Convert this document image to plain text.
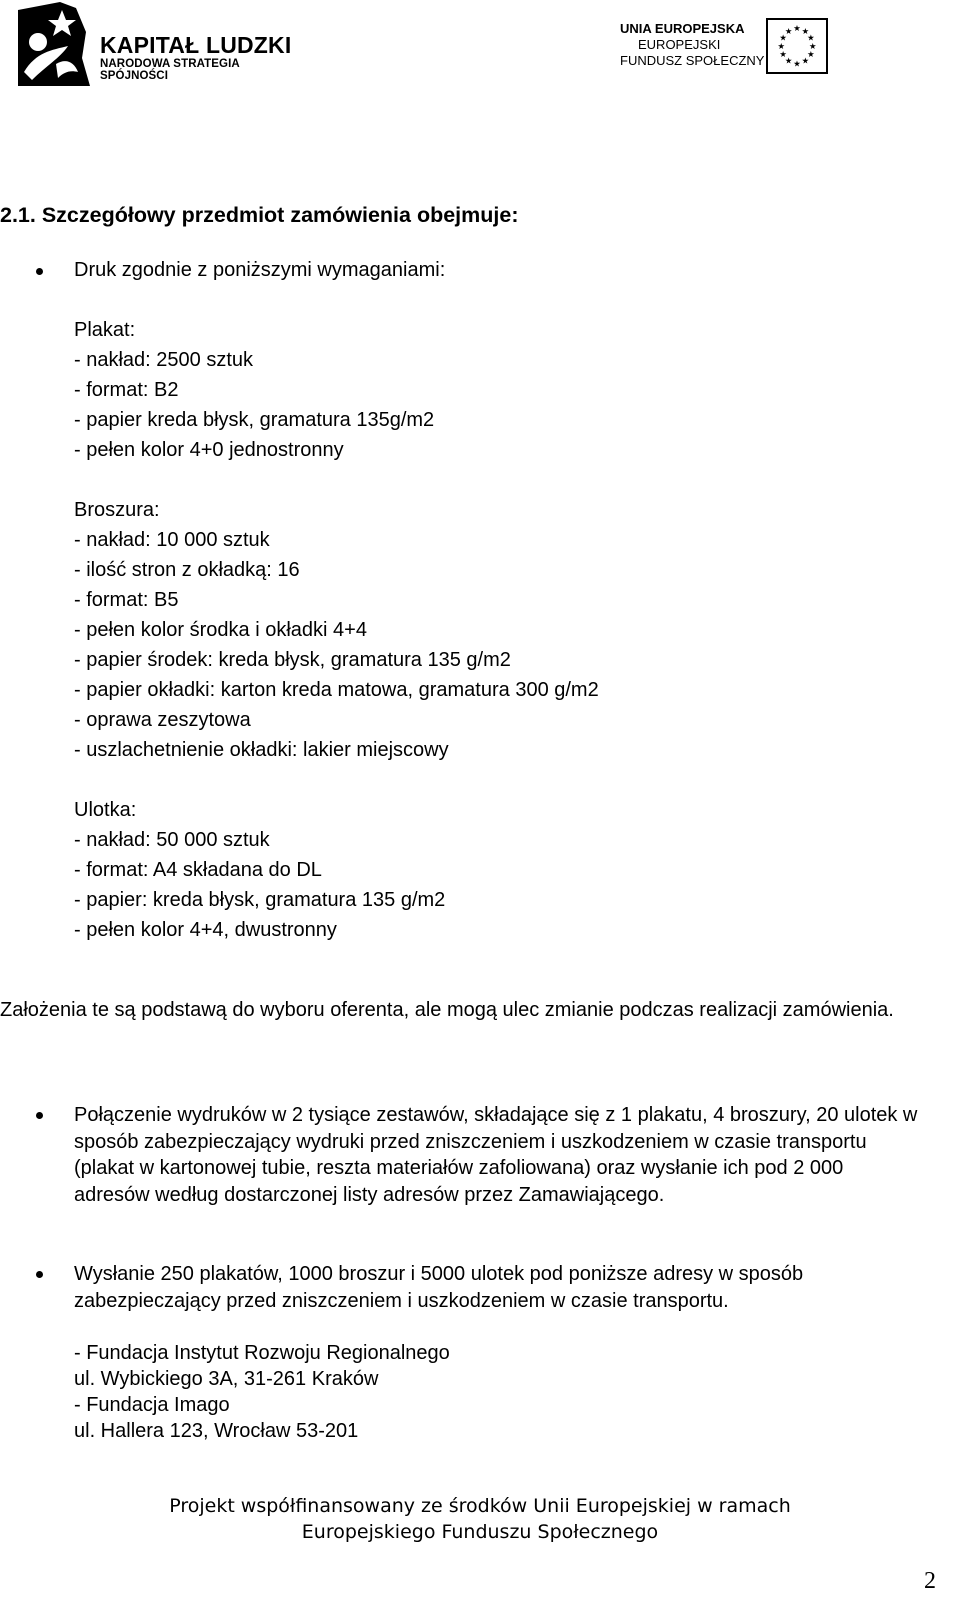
KAPITAŁ LUDZKI
NARODOWA STRATEGIA SPÓJNOŚCI
UNIA EUROPEJSKA
EUROPEJSKI
FUNDUSZ SPOŁECZNY
★ ★
★
★
★
★
★
★
★
★
★
★
2.1. Szczegółowy przedmiot zamówienia obejmuje:
Druk zgodnie z poniższymi wymaganiami:
Plakat:
- nakład: 2500 sztuk
- format: B2
- papier kreda błysk, gramatura 135g/m2
- pełen kolor 4+0 jednostronny
Broszura:
- nakład: 10 000 sztuk
- ilość stron z okładką: 16
- format: B5
- pełen kolor środka i okładki 4+4
- papier środek: kreda błysk, gramatura 135 g/m2
- papier okładki: karton kreda matowa, gramatura 300 g/m2
- oprawa zeszytowa
- uszlachetnienie okładki: lakier miejscowy
Ulotka:
- nakład: 50 000 sztuk
- format: A4 składana do DL
- papier: kreda błysk, gramatura 135 g/m2
- pełen kolor 4+4, dwustronny
Założenia te są podstawą do wyboru oferenta, ale mogą ulec zmianie podczas realizacji zamówienia.
Połączenie wydruków w 2 tysiące zestawów, składające się z 1 plakatu, 4 broszury, 20 ulotek w sposób zabezpieczający wydruki przed zniszczeniem i uszkodzeniem w czasie transportu (plakat w kartonowej tubie, reszta materiałów zafoliowana) oraz wysłanie ich pod 2 000 adresów według dostarczonej listy adresów przez Zamawiającego.
Wysłanie 250 plakatów, 1000 broszur i 5000 ulotek pod poniższe adresy w sposób zabezpieczający przed zniszczeniem i uszkodzeniem w czasie transportu.
- Fundacja Instytut Rozwoju Regionalnego
ul. Wybickiego 3A, 31-261 Kraków
- Fundacja Imago
ul. Hallera 123, Wrocław 53-201
Projekt współfinansowany ze środków Unii Europejskiej w ramach
Europejskiego Funduszu Społecznego
2
